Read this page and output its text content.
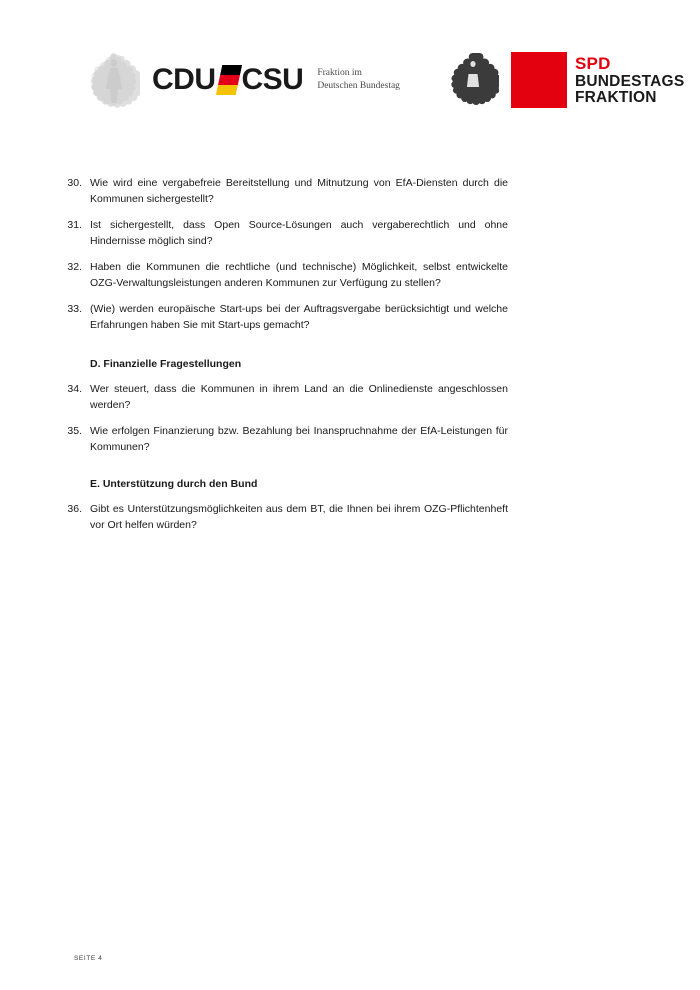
CDU CSU Fraktion im
Deutschen Bundestag
SPD
BUNDESTAGS
FRAKTION
30. Wie wird eine vergabefreie Bereitstellung und Mitnutzung von EfA-Diensten durch die Kommunen sichergestellt?
31. Ist sichergestellt, dass Open Source-Lösungen auch vergaberechtlich und ohne Hindernisse möglich sind?
32. Haben die Kommunen die rechtliche (und technische) Möglichkeit, selbst entwickelte OZG-Verwaltungsleistungen anderen Kommunen zur Verfügung zu stellen?
33. (Wie) werden europäische Start-ups bei der Auftragsvergabe berücksichtigt und welche Erfahrungen haben Sie mit Start-ups gemacht?
D. Finanzielle Fragestellungen
34. Wer steuert, dass die Kommunen in ihrem Land an die Onlinedienste angeschlossen werden?
35. Wie erfolgen Finanzierung bzw. Bezahlung bei Inanspruchnahme der EfA-Leistungen für Kommunen?
E. Unterstützung durch den Bund
36. Gibt es Unterstützungsmöglichkeiten aus dem BT, die Ihnen bei ihrem OZG-Pflichtenheft vor Ort helfen würden?
SEITE 4
